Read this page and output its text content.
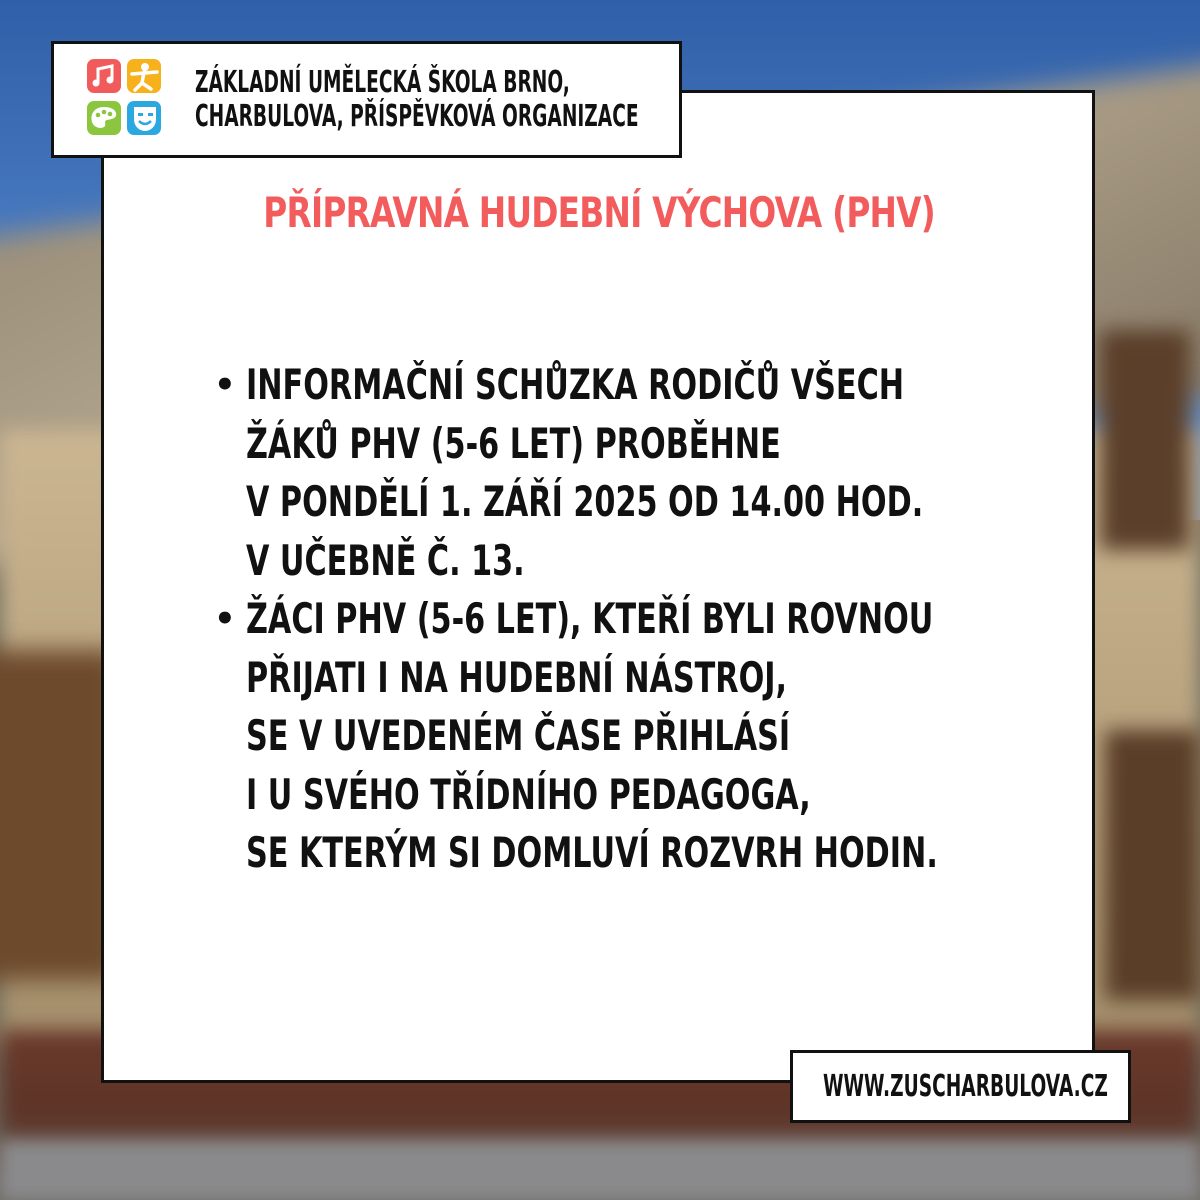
PŘÍPRAVNÁ HUDEBNÍ VÝCHOVA (PHV)
• INFORMAČNÍ SCHŮZKA RODIČŮ VŠECH
ŽÁKŮ PHV (5-6 LET) PROBĚHNE
V PONDĚLÍ 1. ZÁŘÍ 2025 OD 14.00 HOD.
V UČEBNĚ Č. 13.
• ŽÁCI PHV (5-6 LET), KTEŘÍ BYLI ROVNOU
PŘIJATI I NA HUDEBNÍ NÁSTROJ,
SE V UVEDENÉM ČASE PŘIHLÁSÍ
I U SVÉHO TŘÍDNÍHO PEDAGOGA,
SE KTERÝM SI DOMLUVÍ ROZVRH HODIN.
ZÁKLADNÍ UMĚLECKÁ ŠKOLA BRNO,
CHARBULOVA, PŘÍSPĚVKOVÁ ORGANIZACE
WWW.ZUSCHARBULOVA.CZ
